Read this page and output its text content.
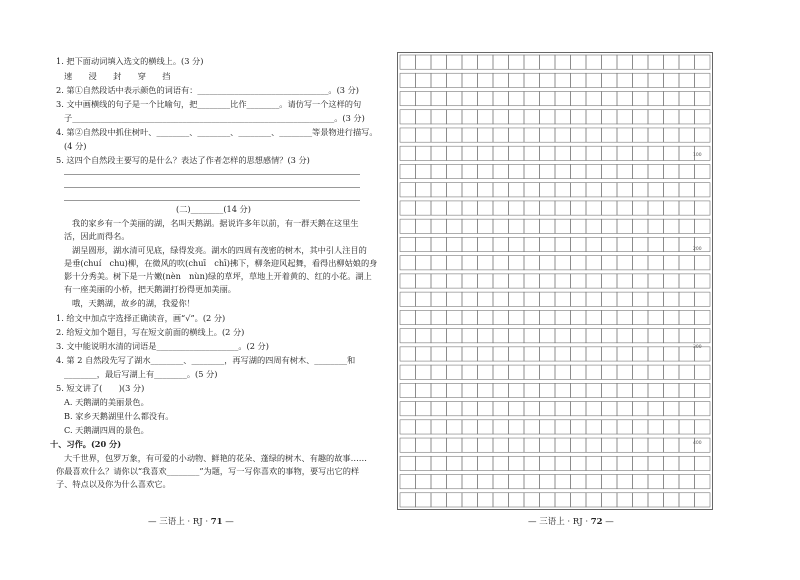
1. 把下面动词填入选文的横线上。(3 分)
速　　浸　　封　　穿　　挡
2. 第①自然段话中表示颜色的词语有：________________________________。(3 分)
3. 文中画横线的句子是一个比喻句，把________比作________。请仿写一个这样的句
子________________________________________________________________。(3 分)
4. 第②自然段中抓住树叶、________、________、________、________等景物进行描写。
(4 分)
5. 这四个自然段主要写的是什么？表达了作者怎样的思想感情？(3 分)
(二)________(14 分)
我的家乡有一个美丽的湖，名叫天鹅湖。据说许多年以前，有一群天鹅在这里生
活，因此而得名。
湖呈圆形，湖水清可见底，绿得发亮。湖水的四周有茂密的树木，其中引人注目的
是垂(chuí　chu)柳，在微风的吹(chuī　chī)拂下，柳条迎风起舞，看得出柳姑娘的身
影十分秀美。树下是一片嫩(nèn　nùn)绿的草坪，草地上开着黄的、红的小花。湖上
有一座美丽的小桥，把天鹅湖打扮得更加美丽。
哦，天鹅湖，故乡的湖，我爱你！
1. 给文中加点字选择正确读音，画“√”。(2 分)
2. 给短文加个题目，写在短文前面的横线上。(2 分)
3. 文中能说明水清的词语是____________________。(2 分)
4. 第 2 自然段先写了湖水________、________，再写湖的四周有树木、________和
________，最后写湖上有________。(5 分)
5. 短文讲了(　　)(3 分)
A. 天鹅湖的美丽景色。
B. 家乡天鹅湖里什么都没有。
C. 天鹅湖四周的景色。
十、习作。(20 分)
大千世界，包罗万象，有可爱的小动物、鲜艳的花朵、蓬绿的树木、有趣的故事……
你最喜欢什么？请你以“我喜欢________”为题，写一写你喜欢的事物，要写出它的样
子、特点以及你为什么喜欢它。
— 三语上 · RJ · 71 —
100
200
300
400
— 三语上 · RJ · 72 —
